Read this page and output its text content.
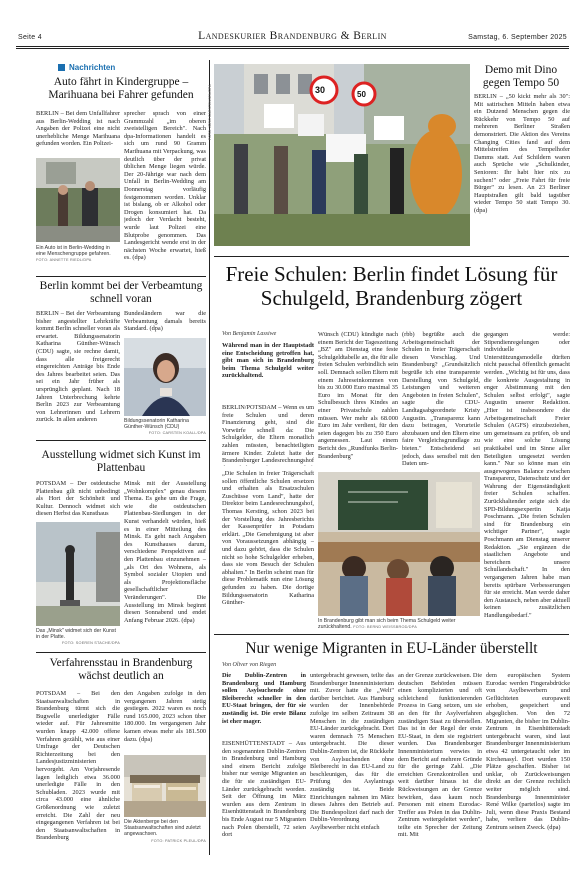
Seite 4	Landeskurier Brandenburg & Berlin	Samstag, 6. September 2025
Nachrichten
Auto fährt in Kindergruppe – Marihuana bei Fahrer gefunden
BERLIN – Bei dem Unfallfahrer aus Berlin-Wedding ist nach Angaben der Polizei eine nicht unerhebliche Menge Marihuana gefunden worden. Ein Polizei-
sprecher sprach von einer Grammzahl „im oberen zweistelligen Bereich". Nach dpa-Informationen handelt es sich um rund 90 Gramm Marihuana mit Verpackung, was deutlich über der privat üblichen Menge liegen würde. Der 20-Jährige war nach dem Unfall in Berlin-Wedding am Donnerstag vorläufig festgenommen worden. Unklar ist bislang, ob er Alkohol oder Drogen konsumiert hat. Da jedoch der Verdacht besteht, wurde laut Polizei eine Blutprobe genommen. Das Landesgericht wende erst in der nächsten Woche erwartet, hieß es. (dpa)
Ein Auto ist in Berlin-Wedding in eine Menschengruppe gefahren. FOTO: ANNETTE RIEDL/DPA
Berlin kommt bei der Verbeamtung schnell voran
BERLIN – Bei der Verbeamtung bisher angestellter Lehrkräfte kommt Berlin schneller voran als erwartet. Bildungssenatorin Katharina Günther-Wünsch (CDU) sagte, sie rechne damit, dass alle freigerecht eingereichten Anträge bis Ende des Jahres bearbeitet seien. Das sei ein Jahr früher als ursprünglich geplant. Nach 18 Jahren Unterbrechung kehrte Berlin 2023 zur Verbeamtung von Lehrerinnen und Lehrern zurück. In allen anderen
Bundesländern war die Verbeamtung damals bereits Standard. (dpa)
Bildungssenatorin Katharina Günther-Wünsch (CDU)
FOTO: CARSTEN KOALL/DPA
Ausstellung widmet sich Kunst im Plattenbau
POTSDAM – Der ostdeutsche Plattenbau gilt nicht unbedingt als Hort der Schönheit und Kultur. Dennoch widmet sich diesen Herbst das Kunsthaus
Minsk mit der Ausstellung „Wohnkomplex" genau diesem Thema. Es gehe um die Frage, wie die ostdeutschen Plattenbau-Siedlungen in der Kunst verhandelt würden, hieß es in einer Mitteilung des Minsk. Es geht nach Angaben des Kunsthauses darum, verschiedene Perspektiven auf den Plattenbau einzunehmen – „als Ort des Wohnens, als Symbol sozialer Utopien und als Projektionsfläche gesellschaftlicher Veränderungen". Die Ausstellung im Minsk beginnt diesen Sonnabend und endet Anfang Februar 2026. (dpa)
Das „Minsk" widmet sich der Kunst in der Platte.
FOTO: SOEREN STACHE/DPA
Verfahrensstau in Brandenburg wächst deutlich an
POTSDAM – Bei den Staatsanwaltschaften in Brandenburg türmt sich die Bugwelle unerledigter Fälle wieder auf. Für Jahresmitte wurden knapp 42.000 offene Verfahren gezählt, wie aus einer Umfrage der Deutschen Richterzeitung bei den Landesjustizministerien hervorgeht. Am Vorjahresende lagen lediglich etwa 36.000 unerledigte Fälle in den Schubladen. 2023 wurde mit circa 43.000 eine ähnliche Größenordnung wie zuletzt erreicht. Die Zahl der neu eingegangenen Verfahren ist bei den Staatsanwaltschaften in Brandenburg
den Angaben zufolge in den vergangenen Jahren stetig gestiegen. 2022 waren es noch rund 165.000, 2023 schon über 180.000. Im vergangenen Jahr kamen etwas mehr als 181.500 dazu. (dpa)
Die Aktenberge bei den Staatsanwaltschaften sind zuletzt angewachsen.
FOTO: PATRICK PLEUL/DPA
30	50
FOTO: JÖRG CARSTENSEN/DPA
Demo mit Dino gegen Tempo 50
BERLIN – „50 kickt mehr als 30": Mit satirischen Mitteln haben etwa ein Dutzend Menschen gegen die Rückkehr von Tempo 50 auf mehreren Berliner Straßen demonstriert. Die Aktion des Vereins Changing Cities fand auf dem Mittelstreifen des Tempelhofer Damms statt. Auf Schildern waren auch Sprüche wie „Schulkinder, Senioren: Ihr habt hier nix zu suchen!" oder „Freie Fahrt für freie Bürger" zu lesen. An 23 Berliner Hauptstraßen gilt bald tagsüber wieder Tempo 50 statt Tempo 30. (dpa)
Freie Schulen: Berlin findet Lösung für Schulgeld, Brandenburg zögert
Von Benjamin Lassiwe
Während man in der Hauptstadt eine Entscheidung getroffen hat, gibt man sich in Brandenburg beim Thema Schulgeld weiter zurückhaltend.
BERLIN/POTSDAM – Wenn es um freie Schulen und deren Finanzierung geht, sind die Vorwürfe schnell da: Die Schulgelder, die Eltern monatlich zahlen müssten, benachteiligten ärmere Kinder. Zuletzt hatte der Brandenburger Landesrechnungshof
Wünsch (CDU) kündigte nach einem Bericht der Tageszeitung „BZ" am Dienstag eine feste Schulgeldtabelle an, die für alle freien Schulen verbindlich sein soll. Demnach sollen Eltern mit einem Jahreseinkommen von bis zu 30.000 Euro maximal 35 Euro im Monat für den Schulbesuch ihres Kindes an einer Privatschule zahlen müssen. Wer mehr als 68.000 Euro im Jahr verdient, für den seien dagegen bis zu 350 Euro angemessen. Laut einem Bericht des „Rundfunks Berlin-Brandenburg"
(rbb) begrüßte auch die Arbeitsgemeinschaft der Schulen in freier Trägerschaft diesen Vorschlag. Und Brandenburg? „Grundsätzlich begrüße ich eine transparente Darstellung von Schulgeld, Leistungen und weiteren Angeboten in freien Schulen", sagte die CDU-Landtagsabgeordnete Kristy Augustin. „Transparenz kann dazu beitragen, Vorurteile abzubauen und den Eltern eine faire Vergleichsgrundlage zu bieten." Entscheidend sei jedoch, dass sensibel mit den Daten um-
gegangen werde: Stipendienregelungen oder individuelle Unterstützungsmodelle dürften nicht pauschal öffentlich gemacht werden. „Wichtig ist für uns, dass die konkrete Ausgestaltung in enger Abstimmung mit den Schulen selbst erfolgt", sagte Augustin unserer Redaktion. „Hier ist insbesondere die Arbeitsgemeinschaft Freier Schulen (AGFS) einzubeziehen, um gemeinsam zu prüfen, ob und wie eine solche Lösung praktikabel und im Sinne aller Beteiligten umgesetzt werden kann." Nur so könne man ein ausgewogenes Balance zwischen Transparenz, Datenschutz und der Wahrung der Eigenständigkeit freier Schulen schaffen. Zurückhaltender zeigte sich die SPD-Bildungsexpertin Katja Poschmann. „Die freien Schulen sind für Brandenburg ein wichtiger Partner", sagte Poschmann am Dienstag unserer Redaktion. „Sie ergänzen die staatlichen Angebote und bereichern unsere Schullandschaft." In den vergangenen Jahren habe man bereits spürbare Verbesserungen für sie erreicht. Man werde daher den Austausch, neben aber aktuell keinen zusätzlichen Handlungsbedarf."
„Die Schulen in freier Trägerschaft sollen öffentliche Schulen ersetzen und erhalten als Ersatzschulen Zuschüsse vom Land", hatte der Direktor beim Landesrechnungshof, Thomas Kersting, schon 2023 bei der Vorstellung des Jahresberichts der Kassenprüfer in Potsdam erklärt. „Die Genehmigung ist aber von Voraussetzungen abhängig – und dazu gehört, dass die Schulen nicht so hohe Schulgelder erheben, dass sie vom Besuch der Schulen abhalten." In Berlin scheint man für diese Problematik nun eine Lösung gefunden zu haben. Die dortige Bildungssenatorin Katharina Günther-
In Brandenburg gibt man sich beim Thema Schulgeld weiter zurückhaltend. FOTO: BERND WEISSBROD/DPA
Nur wenige Migranten in EU-Länder überstellt
Von Oliver von Riegen
Die Dublin-Zentren in Brandenburg und Hamburg sollen Asylsuchende ohne Bleiberecht schneller in den EU-Staat bringen, der für sie zuständig ist. Die erste Bilanz ist eher mager.
EISENHÜTTENSTADT – Aus den sogenannten Dublin-Zentren in Brandenburg und Hamburg sind einem Bericht zufolge bisher nur wenige Migranten an die für sie zuständigen EU-Länder zurückgebracht worden. Seit der Öffnung im März wurden aus dem Zentrum in Eisenhüttenstadt in Brandenburg bis Ende August nur 5 Migranten nach Polen überstellt, 72 seien dort
untergebracht gewesen, teilte das Brandenburger Innenministerium mit. Zuvor hatte die „Welt" darüber berichtet. Aus Hamburg wurden der Innenbehörde zufolge im selben Zeitraum 38 Menschen in die zuständigen EU-Länder zurückgebracht. Dort waren demnach 75 Menschen untergebracht. Die dieser Dublin-Zentren ist, die Rückkehr von Asylsuchenden ohne Bleiberecht in das EU-Land zu beschleunigen, das für die Prüfung des Asylantrags zuständig ist. Beide Einrichtungen nahmen im März dieses Jahres den Betrieb auf. Die Bundespolizei darf nach der Dublin-Verordnung Asylbewerber nicht einfach
an der Grenze zurückweisen. Die deutschen Behörden müssen einen komplizierten und oft schleichend funktionierenden Prozess in Gang setzen, um sie an den für ihr Asylverfahren zuständigen Staat zu überstellen. Das ist in der Regel der erste EU-Staat, in dem sie registriert wurden. Das Brandenburger Innenministerium verwies in dem Bericht auf mehrere Gründe für die geringe Zahl. „Die erreichten Grenzkontrollen und weit darüber hinaus ist die Rückweisungen an der Grenze bewirken, dass kaum noch Personen mit einem Eurodac-Treffer aus Polen in das Dublin-Zentrum weitergeleitet werden", teilte ein Sprecher der Zeitung mit. Mit
dem europäischen System Eurodac werden Fingerabdrücke von Asylbewerbern und Geflüchteten europaweit erhoben, gespeichert und abgeglichen. Von den 72 Migranten, die bisher im Dublin-Zentrum in Eisenhüttenstadt untergebracht waren, sind laut Brandenburger Innenministerium etwa 42 untergetaucht oder im Kirchenasyl. Dort wurden 150 Plätze geschaffen. Bisher ist unklar, ob Zurückweisungen direkt an der Grenze rechtlich weiter möglich sind. Brandenburgs Innenminister René Wilke (parteilos) sagte im Juli, wenn diese Praxis Bestand habe, verliere das Dublin-Zentrum seinen Zweck. (dpa)
